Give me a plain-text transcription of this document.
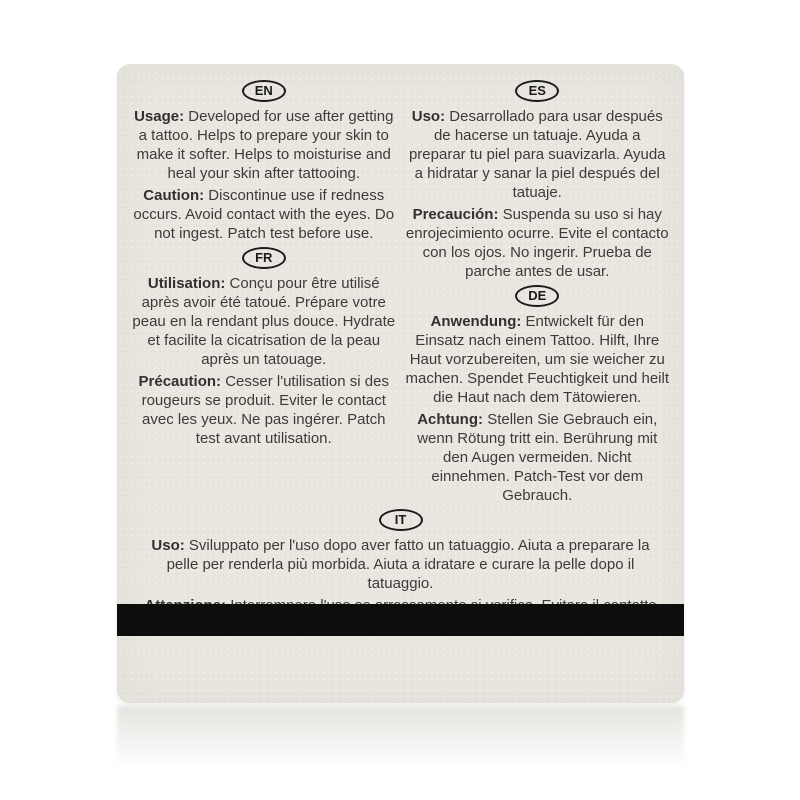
EN

Usage: Developed for use after getting a tattoo. Helps to prepare your skin to make it softer. Helps to moisturise and heal your skin after tattooing.

Caution: Discontinue use if redness occurs. Avoid contact with the eyes. Do not ingest. Patch test before use.

FR

Utilisation: Conçu pour être utilisé après avoir été tatoué. Prépare votre peau en la rendant plus douce. Hydrate et facilite la cicatrisation de la peau après un tatouage.

Précaution: Cesser l'utilisation si des rougeurs se produit. Eviter le contact avec les yeux. Ne pas ingérer. Patch test avant utilisation.

ES

Uso: Desarrollado para usar después de hacerse un tatuaje. Ayuda a preparar tu piel para suavizarla. Ayuda a hidratar y sanar la piel después del tatuaje.

Precaución: Suspenda su uso si hay enrojecimiento ocurre. Evite el contacto con los ojos. No ingerir. Prueba de parche antes de usar.

DE

Anwendung: Entwickelt für den Einsatz nach einem Tattoo. Hilft, Ihre Haut vorzubereiten, um sie weicher zu machen. Spendet Feuchtigkeit und heilt die Haut nach dem Tätowieren.

Achtung: Stellen Sie Gebrauch ein, wenn Rötung tritt ein. Berührung mit den Augen vermeiden. Nicht einnehmen. Patch-Test vor dem Gebrauch.

IT

Uso: Sviluppato per l'uso dopo aver fatto un tatuaggio. Aiuta a preparare la pelle per renderla più morbida. Aiuta a idratare e curare la pelle dopo il tatuaggio.
